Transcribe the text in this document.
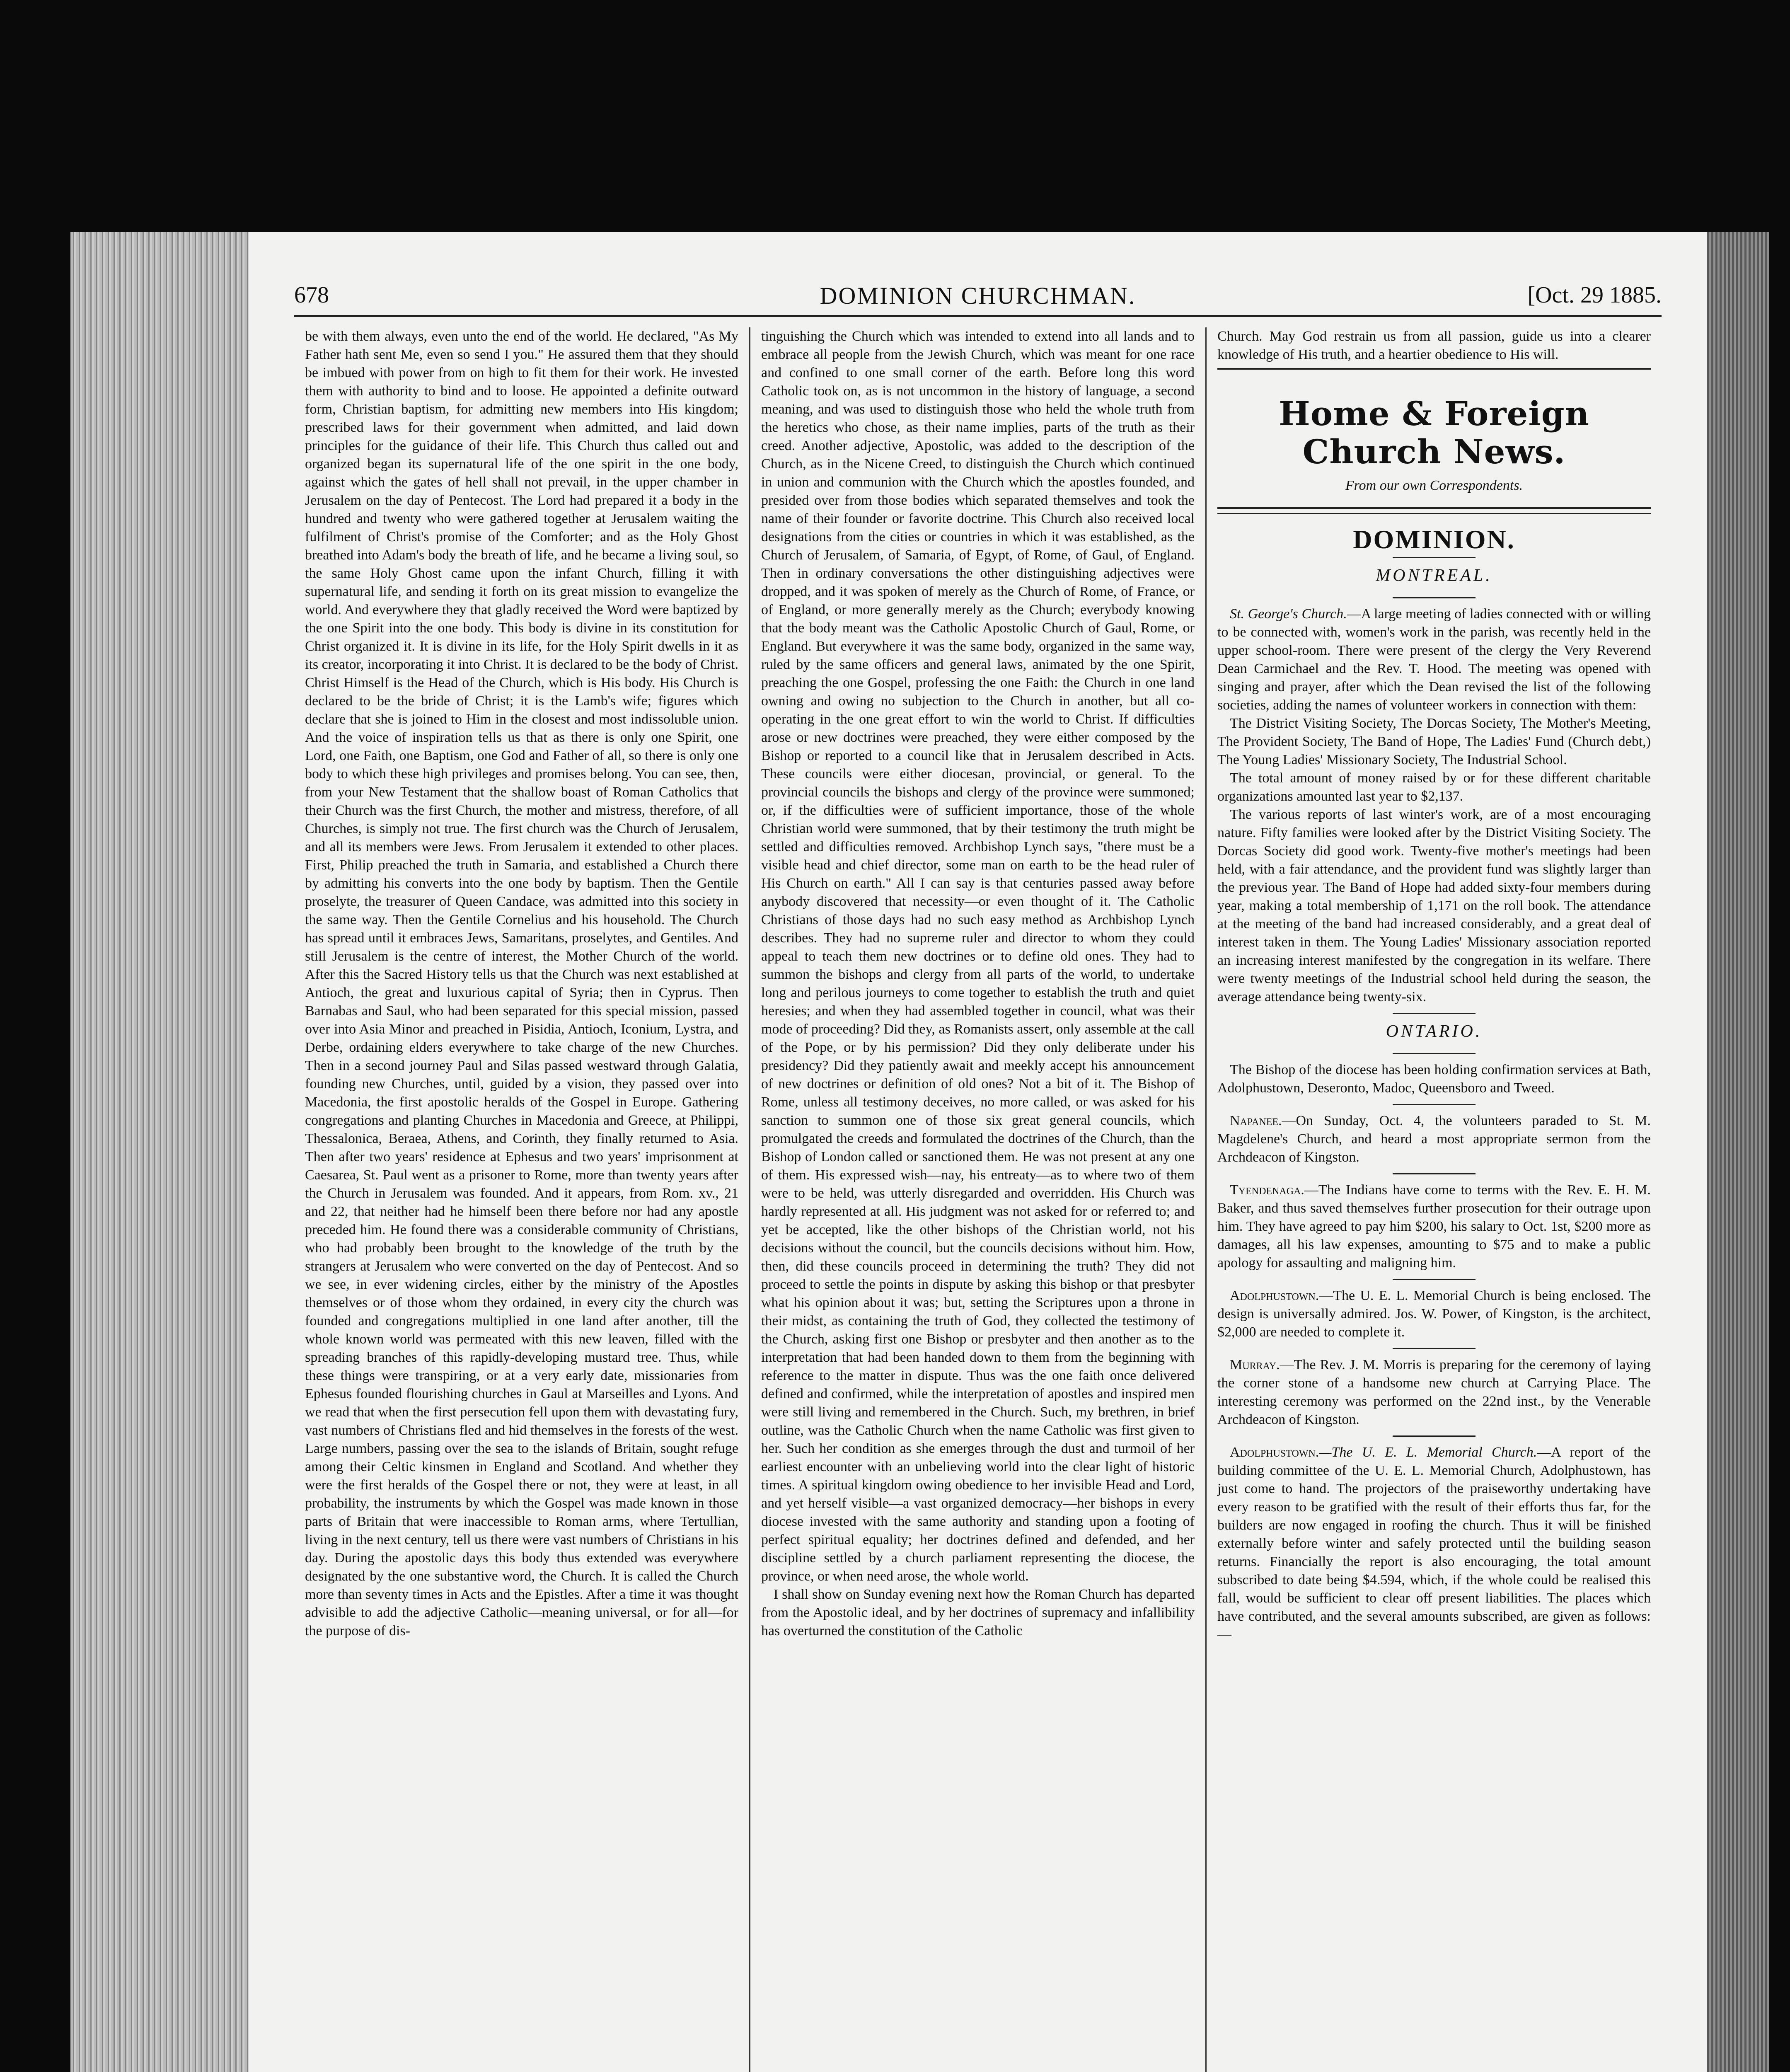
678	DOMINION CHURCHMAN.	[Oct. 29 1885.

be with them always, even unto the end of the world. He declared, "As My Father hath sent Me, even so send I you." He assured them that they should be imbued with power from on high to fit them for their work. He invested them with authority to bind and to loose. He appointed a definite outward form, Christian baptism, for admitting new members into His kingdom; prescribed laws for their government when admitted, and laid down principles for the guidance of their life. This Church thus called out and organized began its supernatural life of the one spirit in the one body, against which the gates of hell shall not prevail, in the upper chamber in Jerusalem on the day of Pentecost. The Lord had prepared it a body in the hundred and twenty who were gathered together at Jerusalem waiting the fulfilment of Christ's promise of the Comforter; and as the Holy Ghost breathed into Adam's body the breath of life, and he became a living soul, so the same Holy Ghost came upon the infant Church, filling it with supernatural life, and sending it forth on its great mission to evangelize the world. And everywhere they that gladly received the Word were baptized by the one Spirit into the one body. This body is divine in its constitution for Christ organized it. It is divine in its life, for the Holy Spirit dwells in it as its creator, incorporating it into Christ. It is declared to be the body of Christ. Christ Himself is the Head of the Church, which is His body. His Church is declared to be the bride of Christ; it is the Lamb's wife; figures which declare that she is joined to Him in the closest and most indissoluble union. And the voice of inspiration tells us that as there is only one Spirit, one Lord, one Faith, one Baptism, one God and Father of all, so there is only one body to which these high privileges and promises belong. You can see, then, from your New Testament that the shallow boast of Roman Catholics that their Church was the first Church, the mother and mistress, therefore, of all Churches, is simply not true. The first church was the Church of Jerusalem, and all its members were Jews. From Jerusalem it extended to other places. First, Philip preached the truth in Samaria, and established a Church there by admitting his converts into the one body by baptism. Then the Gentile proselyte, the treasurer of Queen Candace, was admitted into this society in the same way. Then the Gentile Cornelius and his household. The Church has spread until it embraces Jews, Samaritans, proselytes, and Gentiles. And still Jerusalem is the centre of interest, the Mother Church of the world. After this the Sacred History tells us that the Church was next established at Antioch, the great and luxurious capital of Syria; then in Cyprus. Then Barnabas and Saul, who had been separated for this special mission, passed over into Asia Minor and preached in Pisidia, Antioch, Iconium, Lystra, and Derbe, ordaining elders everywhere to take charge of the new Churches. Then in a second journey Paul and Silas passed westward through Galatia, founding new Churches, until, guided by a vision, they passed over into Macedonia, the first apostolic heralds of the Gospel in Europe. Gathering congregations and planting Churches in Macedonia and Greece, at Philippi, Thessalonica, Beraea, Athens, and Corinth, they finally returned to Asia. Then after two years' residence at Ephesus and two years' imprisonment at Caesarea, St. Paul went as a prisoner to Rome, more than twenty years after the Church in Jerusalem was founded. And it appears, from Rom. xv., 21 and 22, that neither had he himself been there before nor had any apostle preceded him. He found there was a considerable community of Christians, who had probably been brought to the knowledge of the truth by the strangers at Jerusalem who were converted on the day of Pentecost. And so we see, in ever widening circles, either by the ministry of the Apostles themselves or of those whom they ordained, in every city the church was founded and congregations multiplied in one land after another, till the whole known world was permeated with this new leaven, filled with the spreading branches of this rapidly-developing mustard tree. Thus, while these things were transpiring, or at a very early date, missionaries from Ephesus founded flourishing churches in Gaul at Marseilles and Lyons. And we read that when the first persecution fell upon them with devastating fury, vast numbers of Christians fled and hid themselves in the forests of the west. Large numbers, passing over the sea to the islands of Britain, sought refuge among their Celtic kinsmen in England and Scotland. And whether they were the first heralds of the Gospel there or not, they were at least, in all probability, the instruments by which the Gospel was made known in those parts of Britain that were inaccessible to Roman arms, where Tertullian, living in the next century, tell us there were vast numbers of Christians in his day. During the apostolic days this body thus extended was everywhere designated by the one substantive word, the Church. It is called the Church more than seventy times in Acts and the Epistles. After a time it was thought advisible to add the adjective Catholic—meaning universal, or for all—for the purpose of dis-

tinguishing the Church which was intended to extend into all lands and to embrace all people from the Jewish Church, which was meant for one race and confined to one small corner of the earth. Before long this word Catholic took on, as is not uncommon in the history of language, a second meaning, and was used to distinguish those who held the whole truth from the heretics who chose, as their name implies, parts of the truth as their creed. Another adjective, Apostolic, was added to the description of the Church, as in the Nicene Creed, to distinguish the Church which continued in union and communion with the Church which the apostles founded, and presided over from those bodies which separated themselves and took the name of their founder or favorite doctrine. This Church also received local designations from the cities or countries in which it was established, as the Church of Jerusalem, of Samaria, of Egypt, of Rome, of Gaul, of England. Then in ordinary conversations the other distinguishing adjectives were dropped, and it was spoken of merely as the Church of Rome, of France, or of England, or more generally merely as the Church; everybody knowing that the body meant was the Catholic Apostolic Church of Gaul, Rome, or England. But everywhere it was the same body, organized in the same way, ruled by the same officers and general laws, animated by the one Spirit, preaching the one Gospel, professing the one Faith: the Church in one land owning and owing no subjection to the Church in another, but all co-operating in the one great effort to win the world to Christ. If difficulties arose or new doctrines were preached, they were either composed by the Bishop or reported to a council like that in Jerusalem described in Acts. These councils were either diocesan, provincial, or general. To the provincial councils the bishops and clergy of the province were summoned; or, if the difficulties were of sufficient importance, those of the whole Christian world were summoned, that by their testimony the truth might be settled and difficulties removed. Archbishop Lynch says, "there must be a visible head and chief director, some man on earth to be the head ruler of His Church on earth." All I can say is that centuries passed away before anybody discovered that necessity—or even thought of it. The Catholic Christians of those days had no such easy method as Archbishop Lynch describes. They had no supreme ruler and director to whom they could appeal to teach them new doctrines or to define old ones. They had to summon the bishops and clergy from all parts of the world, to undertake long and perilous journeys to come together to establish the truth and quiet heresies; and when they had assembled together in council, what was their mode of proceeding? Did they, as Romanists assert, only assemble at the call of the Pope, or by his permission? Did they only deliberate under his presidency? Did they patiently await and meekly accept his announcement of new doctrines or definition of old ones? Not a bit of it. The Bishop of Rome, unless all testimony deceives, no more called, or was asked for his sanction to summon one of those six great general councils, which promulgated the creeds and formulated the doctrines of the Church, than the Bishop of London called or sanctioned them. He was not present at any one of them. His expressed wish—nay, his entreaty—as to where two of them were to be held, was utterly disregarded and overridden. His Church was hardly represented at all. His judgment was not asked for or referred to; and yet be accepted, like the other bishops of the Christian world, not his decisions without the council, but the councils decisions without him. How, then, did these councils proceed in determining the truth? They did not proceed to settle the points in dispute by asking this bishop or that presbyter what his opinion about it was; but, setting the Scriptures upon a throne in their midst, as containing the truth of God, they collected the testimony of the Church, asking first one Bishop or presbyter and then another as to the interpretation that had been handed down to them from the beginning with reference to the matter in dispute. Thus was the one faith once delivered defined and confirmed, while the interpretation of apostles and inspired men were still living and remembered in the Church. Such, my brethren, in brief outline, was the Catholic Church when the name Catholic was first given to her. Such her condition as she emerges through the dust and turmoil of her earliest encounter with an unbelieving world into the clear light of historic times. A spiritual kingdom owing obedience to her invisible Head and Lord, and yet herself visible—a vast organized democracy—her bishops in every diocese invested with the same authority and standing upon a footing of perfect spiritual equality; her doctrines defined and defended, and her discipline settled by a church parliament representing the diocese, the province, or when need arose, the whole world.

I shall show on Sunday evening next how the Roman Church has departed from the Apostolic ideal, and by her doctrines of supremacy and infallibility has overturned the constitution of the Catholic

Church. May God restrain us from all passion, guide us into a clearer knowledge of His truth, and a heartier obedience to His will.

Home & Foreign Church News.
From our own Correspondents.
DOMINION.
MONTREAL.

St. George's Church.—A large meeting of ladies connected with or willing to be connected with, women's work in the parish, was recently held in the upper school-room. There were present of the clergy the Very Reverend Dean Carmichael and the Rev. T. Hood. The meeting was opened with singing and prayer, after which the Dean revised the list of the following societies, adding the names of volunteer workers in connection with them:

The District Visiting Society, The Dorcas Society, The Mother's Meeting, The Provident Society, The Band of Hope, The Ladies' Fund (Church debt,) The Young Ladies' Missionary Society, The Industrial School.

The total amount of money raised by or for these different charitable organizations amounted last year to $2,137.

The various reports of last winter's work, are of a most encouraging nature. Fifty families were looked after by the District Visiting Society. The Dorcas Society did good work. Twenty-five mother's meetings had been held, with a fair attendance, and the provident fund was slightly larger than the previous year. The Band of Hope had added sixty-four members during year, making a total membership of 1,171 on the roll book. The attendance at the meeting of the band had increased considerably, and a great deal of interest taken in them. The Young Ladies' Missionary association reported an increasing interest manifested by the congregation in its welfare. There were twenty meetings of the Industrial school held during the season, the average attendance being twenty-six.

ONTARIO.

The Bishop of the diocese has been holding confirmation services at Bath, Adolphustown, Deseronto, Madoc, Queensboro and Tweed.

Napanee.—On Sunday, Oct. 4, the volunteers paraded to St. M. Magdelene's Church, and heard a most appropriate sermon from the Archdeacon of Kingston.

Tyendenaga.—The Indians have come to terms with the Rev. E. H. M. Baker, and thus saved themselves further prosecution for their outrage upon him. They have agreed to pay him $200, his salary to Oct. 1st, $200 more as damages, all his law expenses, amounting to $75 and to make a public apology for assaulting and maligning him.

Adolphustown.—The U. E. L. Memorial Church is being enclosed. The design is universally admired. Jos. W. Power, of Kingston, is the architect, $2,000 are needed to complete it.

Murray.—The Rev. J. M. Morris is preparing for the ceremony of laying the corner stone of a handsome new church at Carrying Place. The interesting ceremony was performed on the 22nd inst., by the Venerable Archdeacon of Kingston.

Adolphustown.—The U. E. L. Memorial Church.—A report of the building committee of the U. E. L. Memorial Church, Adolphustown, has just come to hand. The projectors of the praiseworthy undertaking have every reason to be gratified with the result of their efforts thus far, for the builders are now engaged in roofing the church. Thus it will be finished externally before winter and safely protected until the building season returns. Financially the report is also encouraging, the total amount subscribed to date being $4.594, which, if the whole could be realised this fall, would be sufficient to clear off present liabilities. The places which have contributed, and the several amounts subscribed, are given as follows:—
